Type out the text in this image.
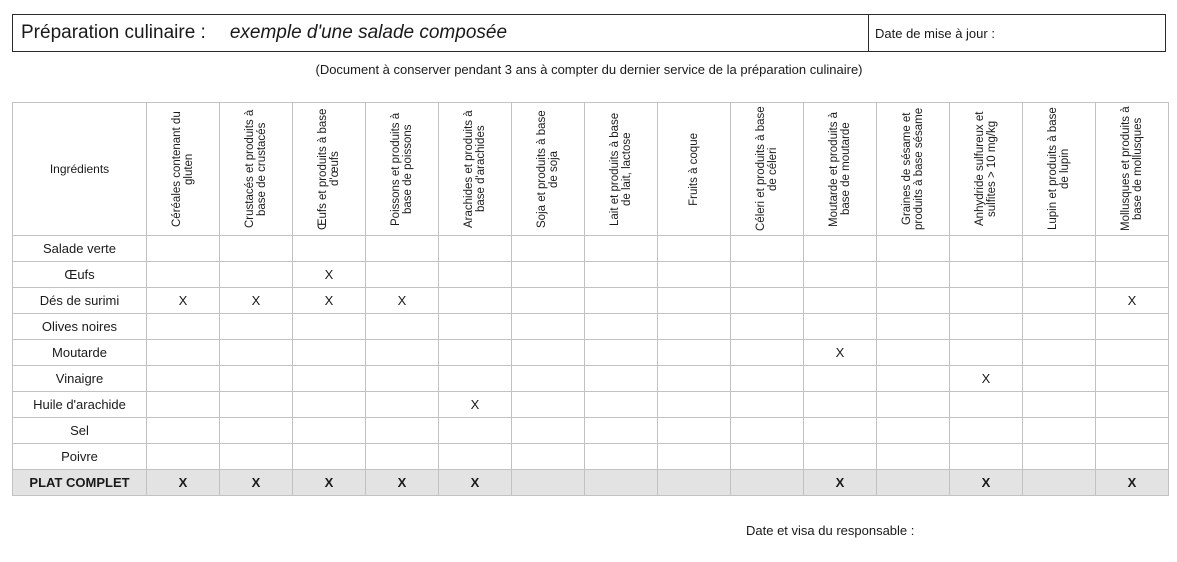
Préparation culinaire : exemple d'une salade composée	Date de mise à jour :
(Document à conserver pendant 3 ans à compter du dernier service de la préparation culinaire)
Ingrédients	Céréales contenant du gluten	Crustacés et produits à base de crustacés	Œufs et produits à base d'œufs	Poissons et produits à base de poissons	Arachides et produits à base d'arachides	Soja et produits à base de soja	Lait et produits à base de lait, lactose	Fruits à coque	Céleri et produits à base de céleri	Moutarde et produits à base de moutarde	Graines de sésame et produits à base sésame	Anhydride sulfureux et sulfites > 10 mg/kg	Lupin et produits à base de lupin	Mollusques et produits à base de mollusques

Salade verte														
Œufs			X											
Dés de surimi	X	X	X	X										X
Olives noires														
Moutarde										X				
Vinaigre												X		
Huile d'arachide					X									
Sel														
Poivre														
PLAT COMPLET	X	X	X	X	X					X		X		X
Date et visa du responsable :
